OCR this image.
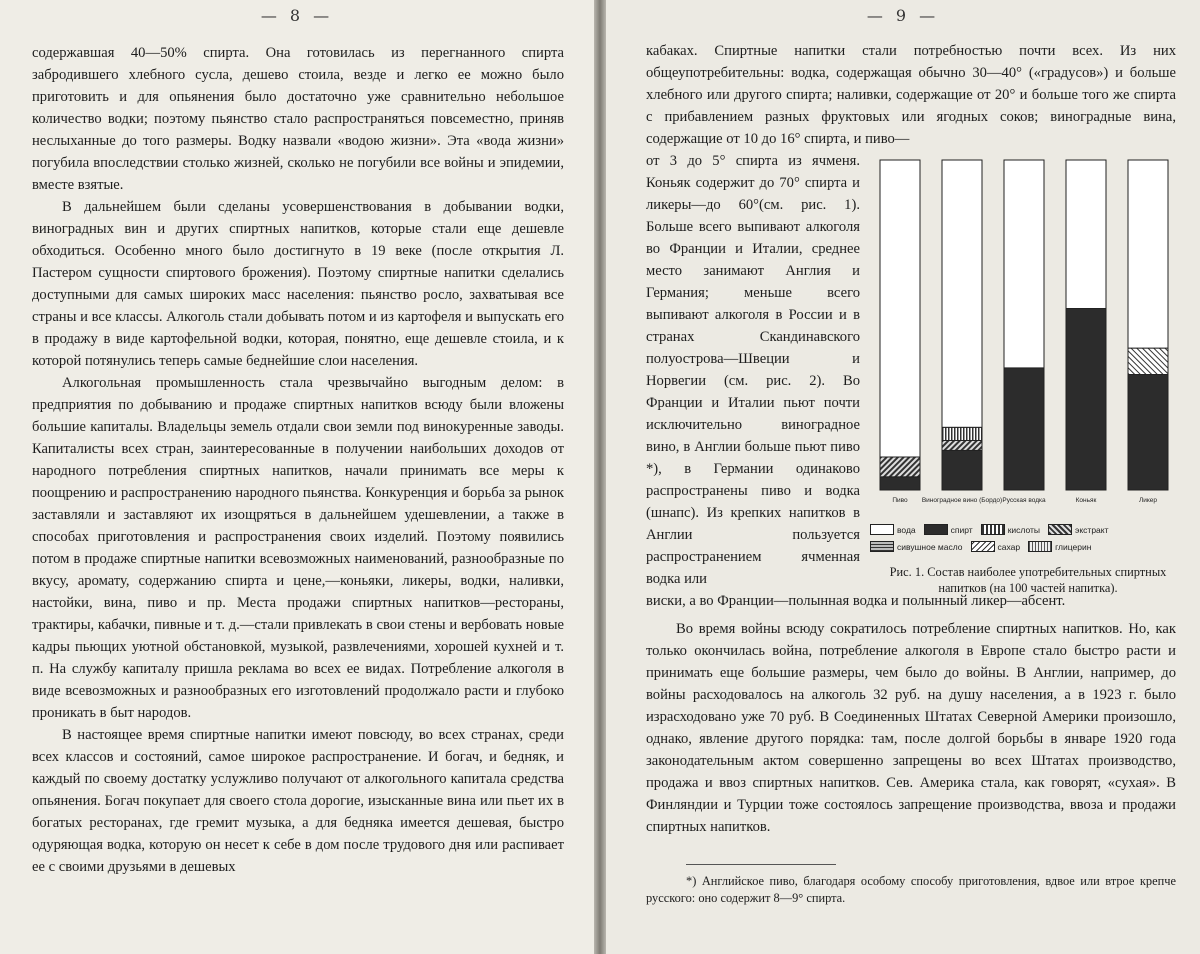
— 8 —

содержавшая 40—50% спирта. Она готовилась из перегнанного спирта забродившего хлебного сусла, дешево стоила, везде и легко ее можно было приготовить и для опьянения было достаточно уже сравнительно небольшое количество водки; поэтому пьянство стало распространяться повсеместно, приняв неслыханные до того размеры. Водку назвали «водою жизни». Эта «вода жизни» погубила впоследствии столько жизней, сколько не погубили все войны и эпидемии, вместе взятые.

В дальнейшем были сделаны усовершенствования в добывании водки, виноградных вин и других спиртных напитков, которые стали еще дешевле обходиться. Особенно много было достигнуто в 19 веке (после открытия Л. Пастером сущности спиртового брожения). Поэтому спиртные напитки сделались доступными для самых широких масс населения: пьянство росло, захватывая все страны и все классы. Алкоголь стали добывать потом и из картофеля и выпускать его в продажу в виде картофельной водки, которая, понятно, еще дешевле стоила, и к которой потянулись теперь самые беднейшие слои населения.

Алкогольная промышленность стала чрезвычайно выгодным делом: в предприятия по добыванию и продаже спиртных напитков всюду были вложены большие капиталы. Владельцы земель отдали свои земли под винокуренные заводы. Капиталисты всех стран, заинтересованные в получении наибольших доходов от народного потребления спиртных напитков, начали принимать все меры к поощрению и распространению народного пьянства. Конкуренция и борьба за рынок заставляли и заставляют их изощряться в дальнейшем удешевлении, а также в способах приготовления и распространения своих изделий. Поэтому появились потом в продаже спиртные напитки всевозможных наименований, разнообразные по вкусу, аромату, содержанию спирта и цене,—коньяки, ликеры, водки, наливки, настойки, вина, пиво и пр. Места продажи спиртных напитков—рестораны, трактиры, кабачки, пивные и т. д.—стали привлекать в свои стены и вербовать новые кадры пьющих уютной обстановкой, музыкой, развлечениями, хорошей кухней и т. п. На службу капиталу пришла реклама во всех ее видах. Потребление алкоголя в виде всевозможных и разнообразных его изготовлений продолжало расти и глубоко проникать в быт народов.

В настоящее время спиртные напитки имеют повсюду, во всех странах, среди всех классов и состояний, самое широкое распространение. И богач, и бедняк, и каждый по своему достатку услужливо получают от алкогольного капитала средства опьянения. Богач покупает для своего стола дорогие, изысканные вина или пьет их в богатых ресторанах, где гремит музыка, а для бедняка имеется дешевая, быстро одуряющая водка, которую он несет к себе в дом после трудового дня или распивает ее с своими друзьями в дешевых

— 9 —

кабаках. Спиртные напитки стали потребностью почти всех. Из них общеупотребительны: водка, содержащая обычно 30—40° («градусов») и больше хлебного или другого спирта; наливки, содержащие от 20° и больше того же спирта с прибавлением разных фруктовых или ягодных соков; виноградные вина, содержащие от 10 до 16° спирта, и пиво—

от 3 до 5° спирта из ячменя. Коньяк содержит до 70° спирта и ликеры—до 60°(см. рис. 1). Больше всего выпивают алкоголя во Франции и Италии, среднее место занимают Англия и Германия; меньше всего выпивают алкоголя в России и в странах Скандинавского полуострова—Швеции и Норвегии (см. рис. 2). Во Франции и Италии пьют почти исключительно виноградное вино, в Англии больше пьют пиво *), в Германии одинаково распространены пиво и водка (шнапс). Из крепких напитков в Англии пользуется распространением ячменная водка или

виски, а во Франции—полынная водка и полынный ликер—абсент.

Во время войны всюду сократилось потребление спиртных напитков. Но, как только окончилась война, потребление алкоголя в Европе стало быстро расти и принимать еще большие размеры, чем было до войны. В Англии, например, до войны расходовалось на алкоголь 32 руб. на душу населения, а в 1923 г. было израсходовано уже 70 руб. В Соединенных Штатах Северной Америки произошло, однако, явление другого порядка: там, после долгой борьбы в январе 1920 года законодательным актом совершенно запрещены во всех Штатах производство, продажа и ввоз спиртных напитков. Сев. Америка стала, как говорят, «сухая». В Финляндии и Турции тоже состоялось запрещение производства, ввоза и продажи спиртных напитков.

*) Английское пиво, благодаря особому способу приготовления, вдвое или втрое крепче русского: оно содержит 8—9° спирта.

Пиво Виноградное вино (Бордо) Русская водка	Коньяк	Ликер
вода	спирт	кислоты	экстракт
сивушное масло	сахар	глицерин
Рис. 1. Состав наиболее употребительных спиртных напитков (на 100 частей напитка).
